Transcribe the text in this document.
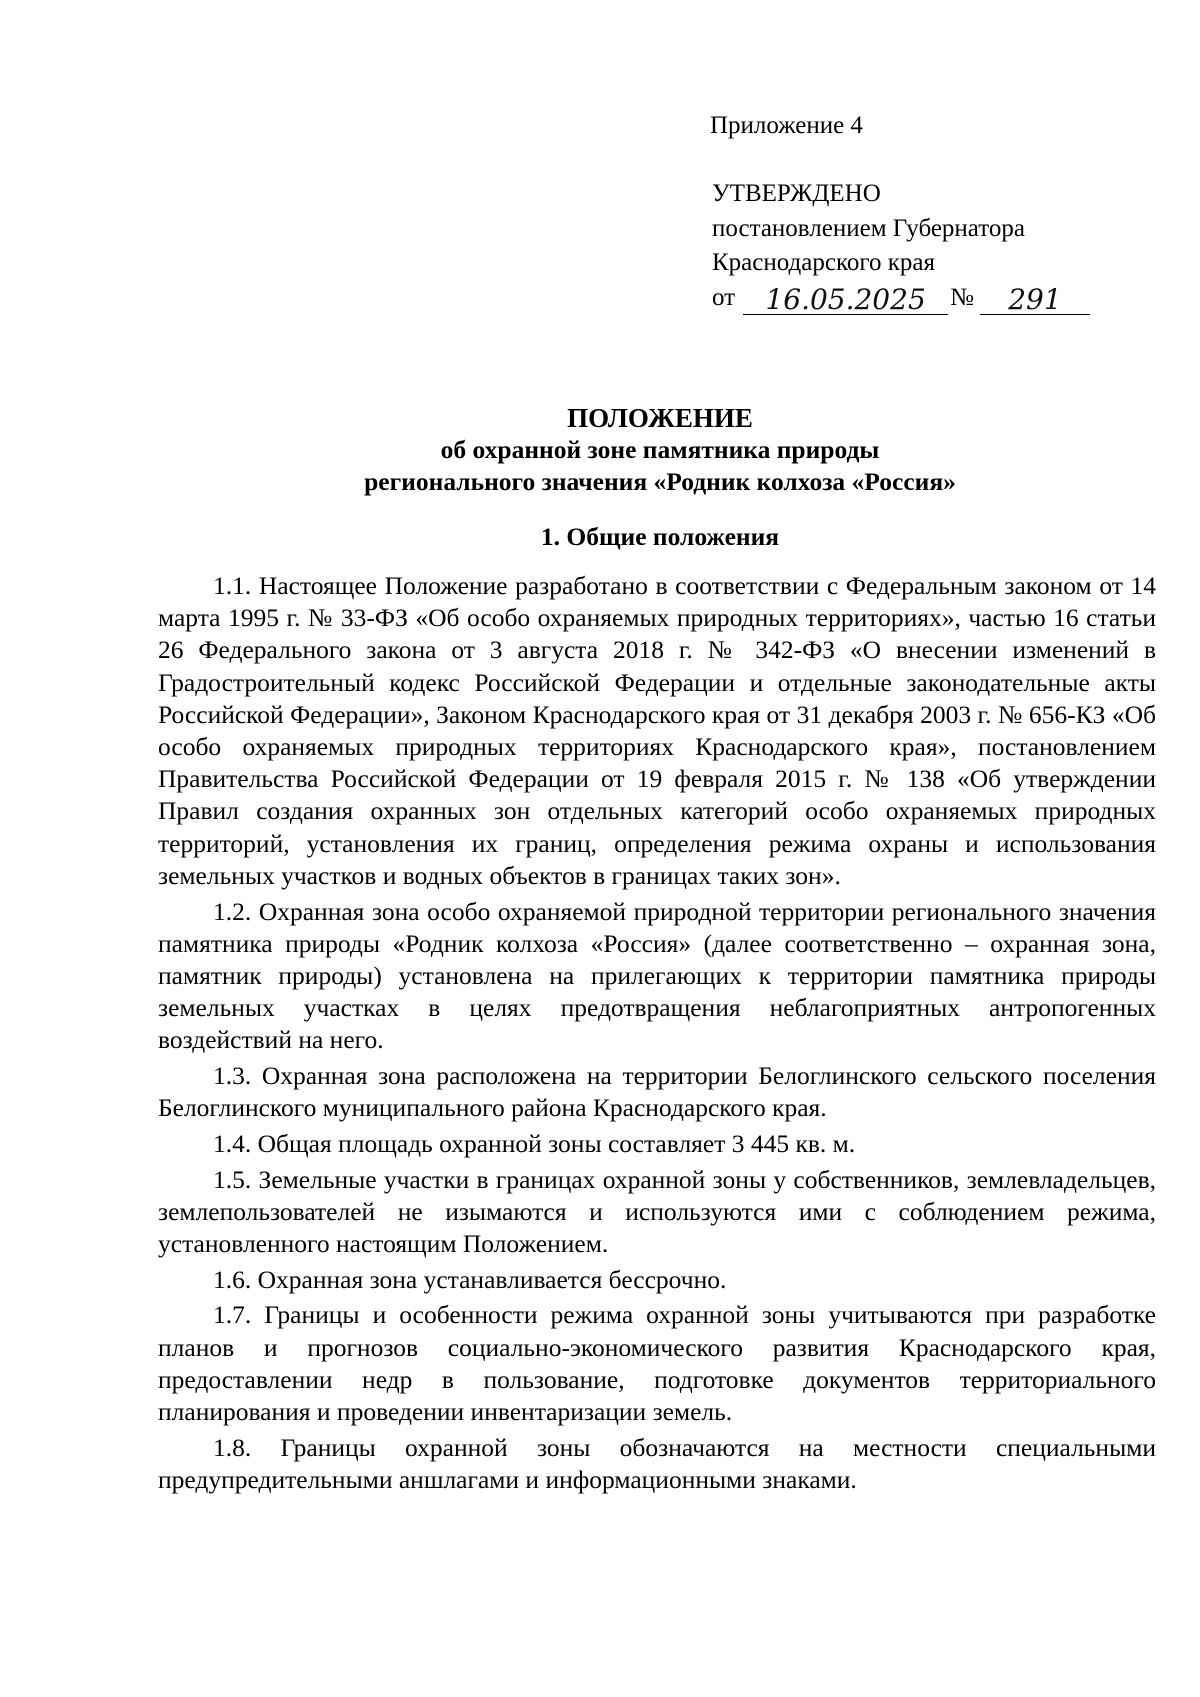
Приложение 4
УТВЕРЖДЕНО
постановлением Губернатора
Краснодарского края
от	16.05.2025 №	291
ПОЛОЖЕНИЕ
об охранной зоне памятника природы
регионального значения «Родник колхоза «Россия»
1. Общие положения

1.1. Настоящее Положение разработано в соответствии с Федеральным законом от 14 марта 1995 г. № 33-ФЗ «Об особо охраняемых природных территориях», частью 16 статьи 26 Федерального закона от 3 августа 2018 г. № 342-ФЗ «О внесении изменений в Градостроительный кодекс Российской Федерации и отдельные законодательные акты Российской Федерации», Законом Краснодарского края от 31 декабря 2003 г. № 656-КЗ «Об особо охраняемых природных территориях Краснодарского края», постановлением Правительства Российской Федерации от 19 февраля 2015 г. № 138 «Об утверждении Правил создания охранных зон отдельных категорий особо охраняемых природных территорий, установления их границ, определения режима охраны и использования земельных участков и водных объектов в границах таких зон».

1.2. Охранная зона особо охраняемой природной территории регионального значения памятника природы «Родник колхоза «Россия» (далее соответственно – охранная зона, памятник природы) установлена на прилегающих к территории памятника природы земельных участках в целях предотвращения неблагоприятных антропогенных воздействий на него.

1.3. Охранная зона расположена на территории Белоглинского сельского поселения Белоглинского муниципального района Краснодарского края.

1.4. Общая площадь охранной зоны составляет 3 445 кв. м.

1.5. Земельные участки в границах охранной зоны у собственников, землевладельцев, землепользователей не изымаются и используются ими с соблюдением режима, установленного настоящим Положением.

1.6. Охранная зона устанавливается бессрочно.

1.7. Границы и особенности режима охранной зоны учитываются при разработке планов и прогнозов социально-экономического развития Краснодарского края, предоставлении недр в пользование, подготовке документов территориального планирования и проведении инвентаризации земель.

1.8. Границы охранной зоны обозначаются на местности специальными предупредительными аншлагами и информационными знаками.
